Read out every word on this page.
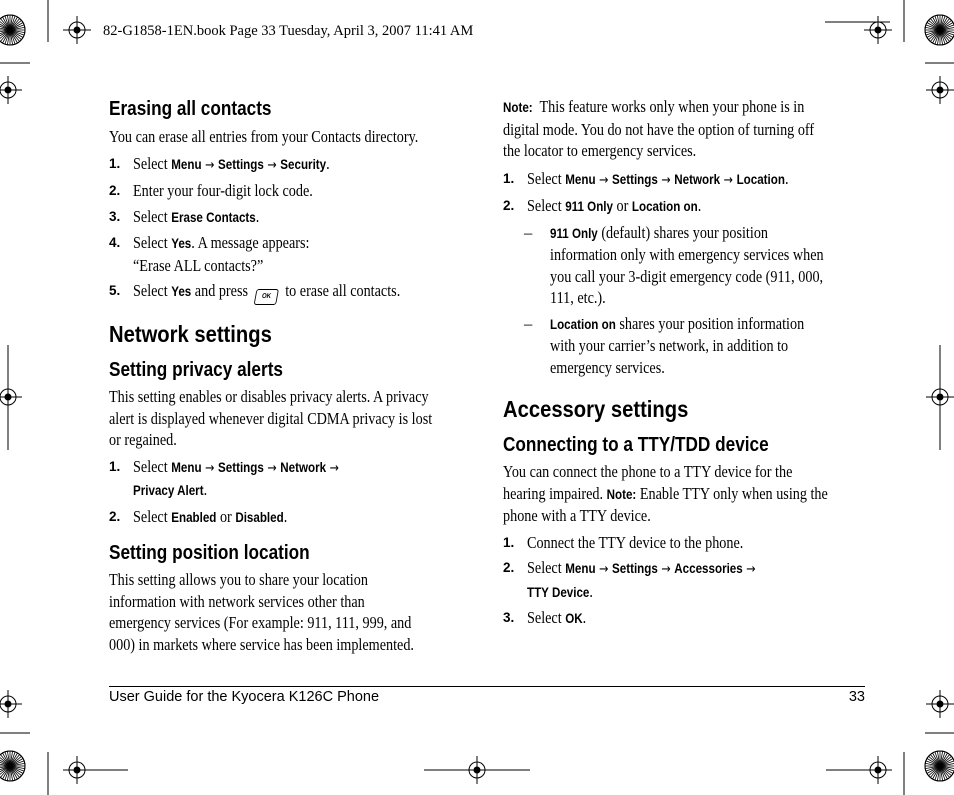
82-G1858-1EN.book Page 33 Tuesday, April 3, 2007 11:41 AM
Erasing all contacts

You can erase all entries from your Contacts directory.

1. Select Menu → Settings → Security.
2. Enter your four-digit lock code.
3. Select Erase Contacts.
4. Select Yes. A message appears:
“Erase ALL contacts?”
5. Select Yes and press OK to erase all contacts.
Network settings
Setting privacy alerts

This setting enables or disables privacy alerts. A privacy
alert is displayed whenever digital CDMA privacy is lost
or regained.

1. Select Menu → Settings → Network →
Privacy Alert.
2. Select Enabled or Disabled.
Setting position location

This setting allows you to share your location
information with network services other than
emergency services (For example: 911, 111, 999, and
000) in markets where service has been implemented.

Note: This feature works only when your phone is in
digital mode. You do not have the option of turning off
the locator to emergency services.

1. Select Menu → Settings → Network → Location.
2. Select 911 Only or Location on.
– 911 Only (default) shares your position
information only with emergency services when
you call your 3-digit emergency code (911, 000,
111, etc.).
– Location on shares your position information
with your carrier’s network, in addition to
emergency services.
Accessory settings
Connecting to a TTY/TDD device

You can connect the phone to a TTY device for the
hearing impaired. Note: Enable TTY only when using the
phone with a TTY device.

1. Connect the TTY device to the phone.
2. Select Menu → Settings → Accessories →
TTY Device.
3. Select OK.
User Guide for the Kyocera K126C Phone	33
